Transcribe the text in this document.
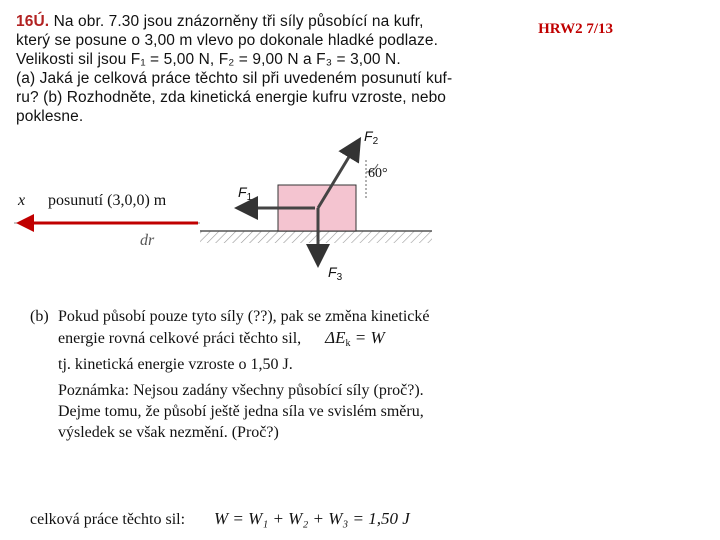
16Ú. Na obr. 7.30 jsou znázorněny tři síly působící na kufr,
který se posune o 3,00 m vlevo po dokonale hladké podlaze.
Velikosti sil jsou F₁ = 5,00 N, F₂ = 9,00 N a F₃ = 3,00 N.
(a) Jaká je celková práce těchto sil při uvedeném posunutí kuf-
ru? (b) Rozhodněte, zda kinetická energie kufru vzroste, nebo
poklesne.
HRW2 7/13
x posunutí (3,0,0) m
dr
$F_1$
$F_2$
$F_3$
60°
(b) Pokud působí pouze tyto síly (??), pak se změna kinetické
energie rovná celkové práci těchto sil, $\Delta E_k = W$
tj. kinetická energie vzroste o 1,50 J.
Poznámka: Nejsou zadány všechny působící síly (proč?).
Dejme tomu, že působí ještě jedna síla ve svislém směru,
výsledek se však nezmění. (Proč?)
celková práce těchto sil: W = W₁ + W₂ + W₃ = 1,50 J
